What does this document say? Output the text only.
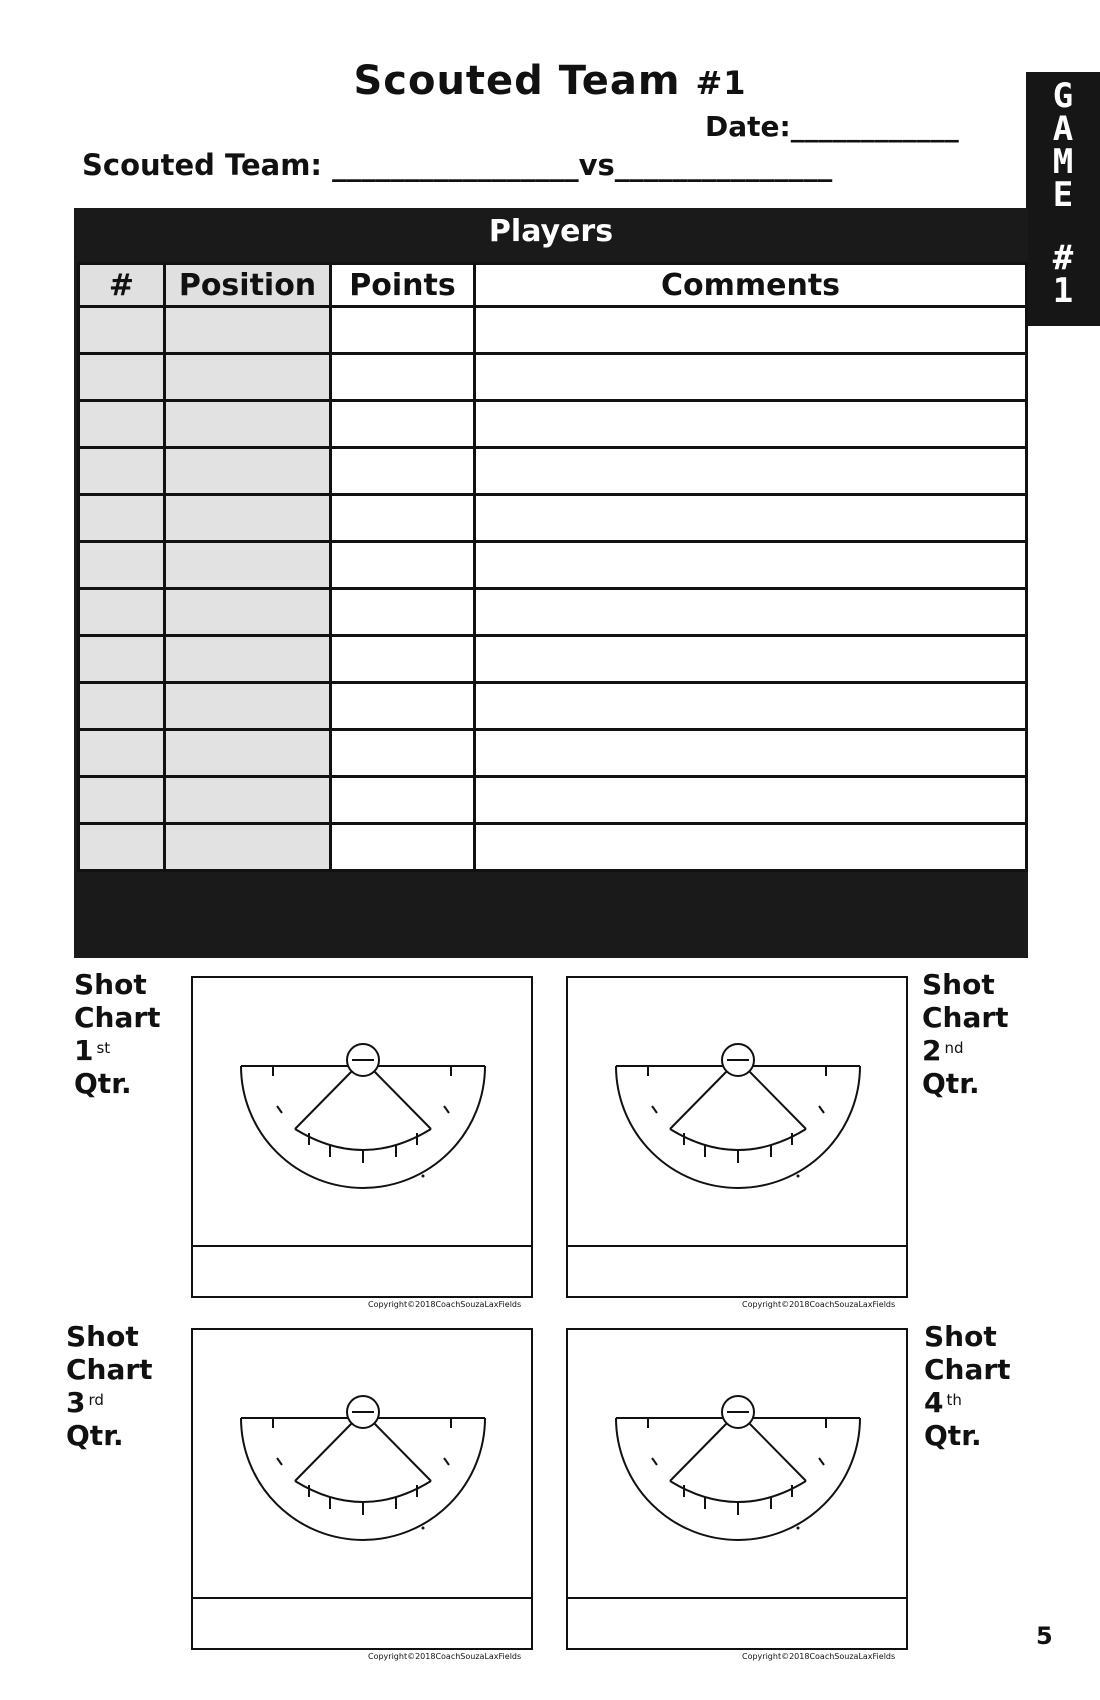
Scouted Team #1
Date:____________
Scouted Team: _________________vs_______________
G
A
M
E
#
1
Players
#	Position	Points	Comments

Shot
Chart
1 $^{st}$
Qtr.
Shot
Chart
2 $^{nd}$
Qtr.
Shot
Chart
3 $^{rd}$
Qtr.
Shot
Chart
4 $^{th}$
Qtr.
Copyright©2018CoachSouzaLaxFields	Copyright©2018CoachSouzaLaxFields
Copyright©2018CoachSouzaLaxFields	Copyright©2018CoachSouzaLaxFields
5
